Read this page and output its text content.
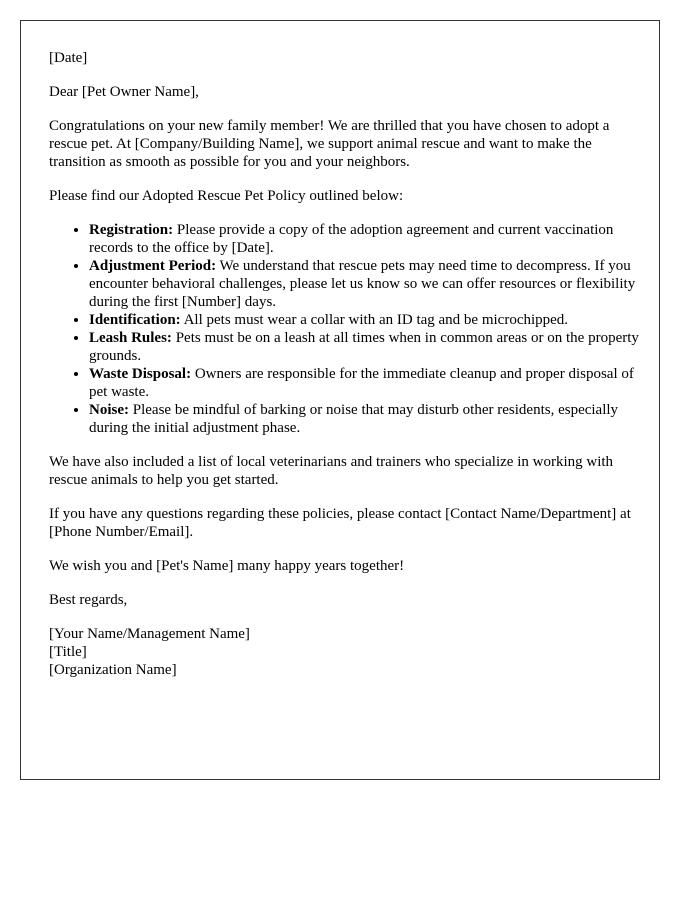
[Date]

Dear [Pet Owner Name],

Congratulations on your new family member! We are thrilled that you have chosen to adopt a rescue pet. At [Company/Building Name], we support animal rescue and want to make the transition as smooth as possible for you and your neighbors.

Please find our Adopted Rescue Pet Policy outlined below:

• Registration: Please provide a copy of the adoption agreement and current vaccination records to the office by [Date].
• Adjustment Period: We understand that rescue pets may need time to decompress. If you encounter behavioral challenges, please let us know so we can offer resources or flexibility during the first [Number] days.
• Identification: All pets must wear a collar with an ID tag and be microchipped.
• Leash Rules: Pets must be on a leash at all times when in common areas or on the property grounds.
• Waste Disposal: Owners are responsible for the immediate cleanup and proper disposal of pet waste.
• Noise: Please be mindful of barking or noise that may disturb other residents, especially during the initial adjustment phase.

We have also included a list of local veterinarians and trainers who specialize in working with rescue animals to help you get started.

If you have any questions regarding these policies, please contact [Contact Name/Department] at [Phone Number/Email].

We wish you and [Pet's Name] many happy years together!

Best regards,

[Your Name/Management Name]
[Title]
[Organization Name]
